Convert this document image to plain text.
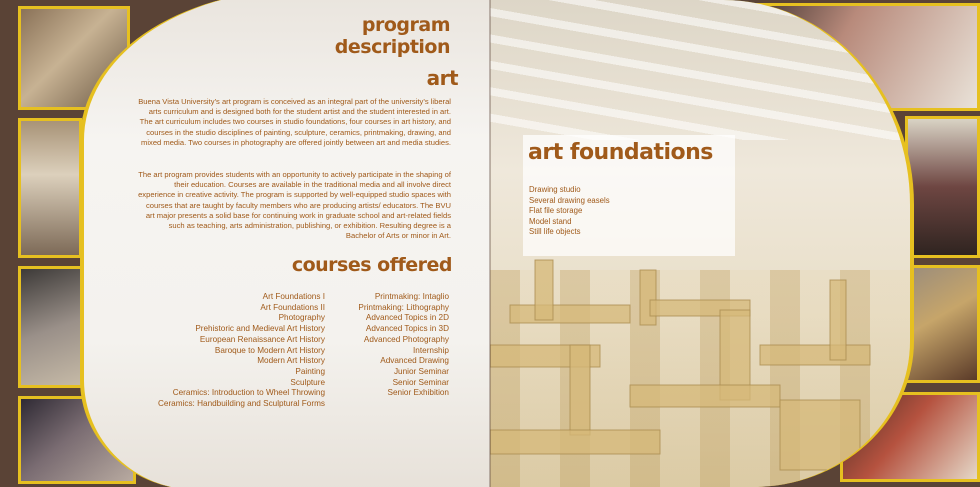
program description
art

Buena Vista University’s art program is conceived as an integral part of the university’s liberal arts curriculum and is designed both for the student artist and the student interested in art. The art curriculum includes two courses in studio foundations, four courses in art history, and courses in the studio disciplines of painting, sculpture, ceramics, printmaking, drawing, and mixed media. Two courses in photography are offered jointly between art and media studies.

The art program provides students with an opportunity to actively participate in the shaping of their education. Courses are available in the traditional media and all involve direct experience in creative activity. The program is supported by well-equipped studio spaces with courses that are taught by faculty members who are producing artists/ educators. The BVU art major presents a solid base for continuing work in graduate school and art-related fields such as teaching, arts administration, publishing, or exhibition. Resulting degree is a Bachelor of Arts or minor in Art.

courses offered
Art Foundations I
Art Foundations II
Photography
Prehistoric and Medieval Art History
European Renaissance Art History
Baroque to Modern Art History
Modern Art History
Painting
Sculpture
Ceramics: Introduction to Wheel Throwing
Ceramics: Handbuilding and Sculptural Forms
Printmaking: Intaglio
Printmaking: Lithography
Advanced Topics in 2D
Advanced Topics in 3D
Advanced Photography
Internship
Advanced Drawing
Junior Seminar
Senior Seminar
Senior Exhibition
art foundations
Drawing studio
Several drawing easels
Flat file storage
Model stand
Still life objects
